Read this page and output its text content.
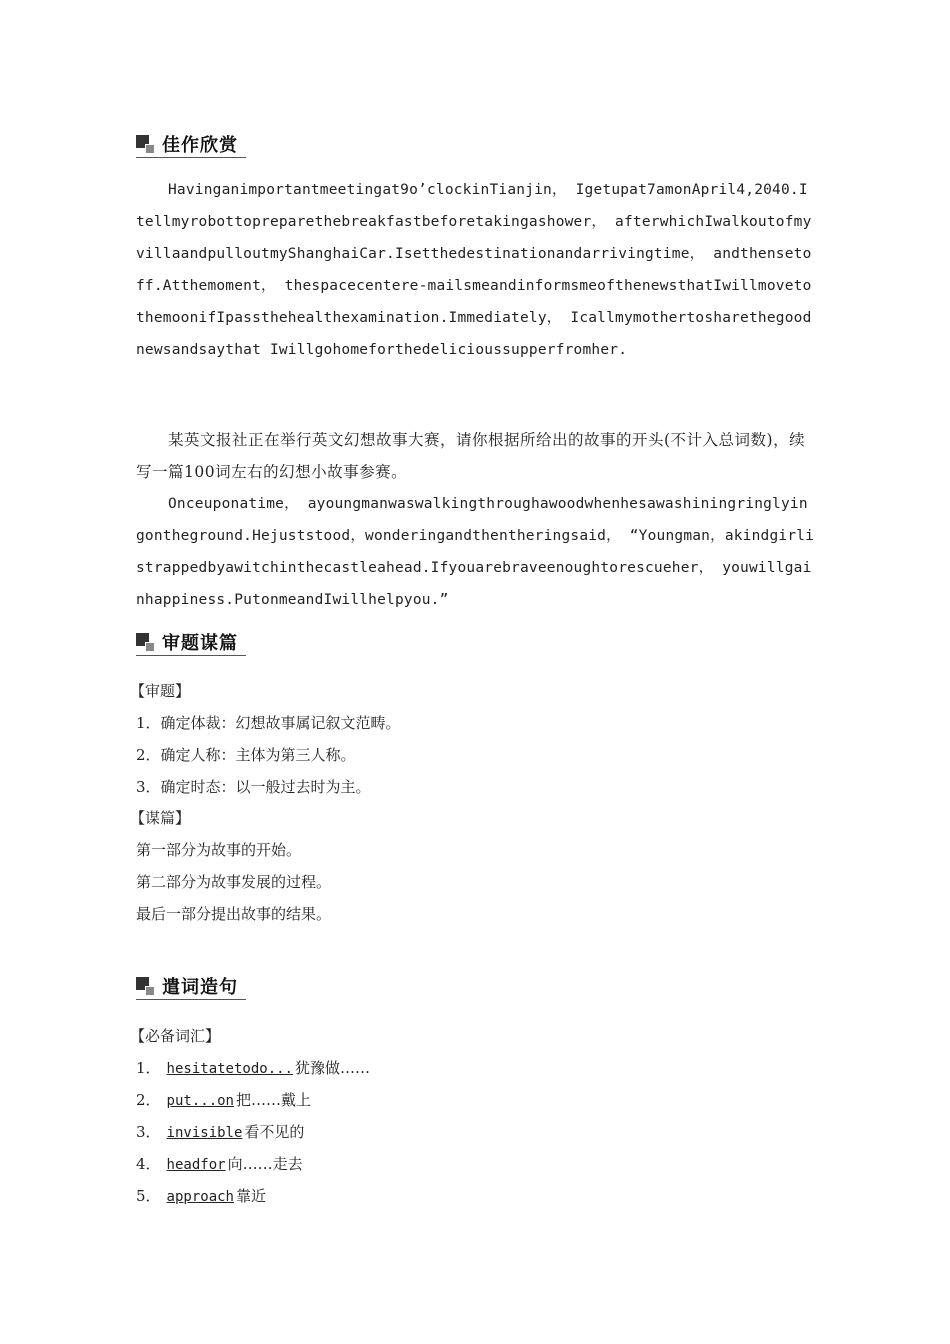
佳作欣赏

Havinganimportantmeetingat9o’clockinTianjin， Igetupat7amonApril4,2040.Itellmyrobottopreparethebreakfastbeforetakingashower， afterwhichIwalkoutofmyvillaandpulloutmyShanghaiCar.Isetthedestinationandarrivingtime， andthensetoff.Atthemoment， thespacecentere-mailsmeandinformsmeofthenewsthatIwillmovetothemoonifIpassthehealthexamination.Immediately， Icallmymothertosharethegoodnewsandsaythat Iwillgohomeforthedelicioussupperfromher.

某英文报社正在举行英文幻想故事大赛，请你根据所给出的故事的开头(不计入总词数)，续写一篇100词左右的幻想小故事参赛。

Onceuponatime， ayoungmanwaswalkingthroughawoodwhenhesawashiningringlyingontheground.Hejuststood，wonderingandthentheringsaid， “Youngman，akindgirlistrappedbyawitchinthecastleahead.Ifyouarebraveenoughtorescueher， youwillgainhappiness.PutonmeandIwillhelpyou.”

审题谋篇
【审题】
1．确定体裁：幻想故事属记叙文范畴。
2．确定人称：主体为第三人称。
3．确定时态：以一般过去时为主。
【谋篇】
第一部分为故事的开始。
第二部分为故事发展的过程。
最后一部分提出故事的结果。
遣词造句
【必备词汇】
1． hesitatetodo... 犹豫做……
2． put...on 把……戴上
3． invisible 看不见的
4． headfor 向……走去
5． approach 靠近
